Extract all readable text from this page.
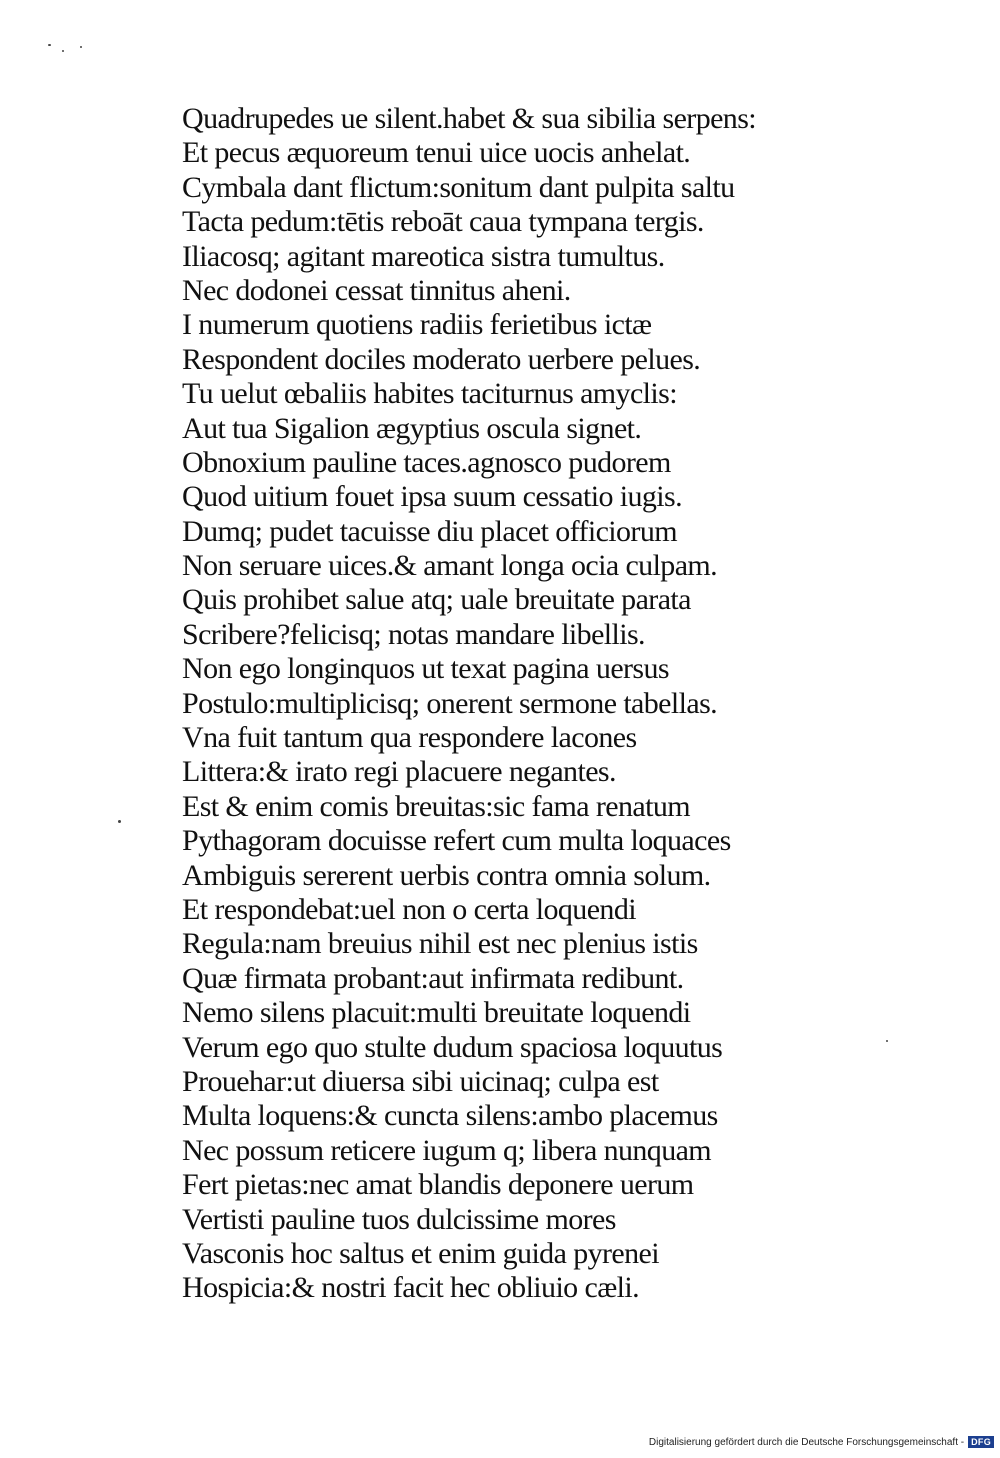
Quadrupedes ue silent.habet & sua sibilia serpens:
Et pecus æquoreum tenui uice uocis anhelat.
Cymbala dant flictum:sonitum dant pulpita saltu
Tacta pedum:tētis reboāt caua tympana tergis.
Iliacosq; agitant mareotica sistra tumultus.
Nec dodonei cessat tinnitus aheni.
I numerum quotiens radiis ferietibus ictæ
Respondent dociles moderato uerbere pelues.
Tu uelut œbaliis habites taciturnus amyclis:
Aut tua Sigalion ægyptius oscula signet.
Obnoxium pauline taces.agnosco pudorem
Quod uitium fouet ipsa suum cessatio iugis.
Dumq; pudet tacuisse diu placet officiorum
Non seruare uices.& amant longa ocia culpam.
Quis prohibet salue atq; uale breuitate parata
Scribere?felicisq; notas mandare libellis.
Non ego longinquos ut texat pagina uersus
Postulo:multiplicisq; onerent sermone tabellas.
Vna fuit tantum qua respondere lacones
Littera:& irato regi placuere negantes.
Est & enim comis breuitas:sic fama renatum
Pythagoram docuisse refert cum multa loquaces
Ambiguis sererent uerbis contra omnia solum.
Et respondebat:uel non o certa loquendi
Regula:nam breuius nihil est nec plenius istis
Quæ firmata probant:aut infirmata redibunt.
Nemo silens placuit:multi breuitate loquendi
Verum ego quo stulte dudum spaciosa loquutus
Prouehar:ut diuersa sibi uicinaq; culpa est
Multa loquens:& cuncta silens:ambo placemus
Nec possum reticere iugum q; libera nunquam
Fert pietas:nec amat blandis deponere uerum
Vertisti pauline tuos dulcissime mores
Vasconis hoc saltus et enim guida pyrenei
Hospicia:& nostri facit hec obliuio cæli.
Digitalisierung gefördert durch die Deutsche Forschungsgemeinschaft - DFG
